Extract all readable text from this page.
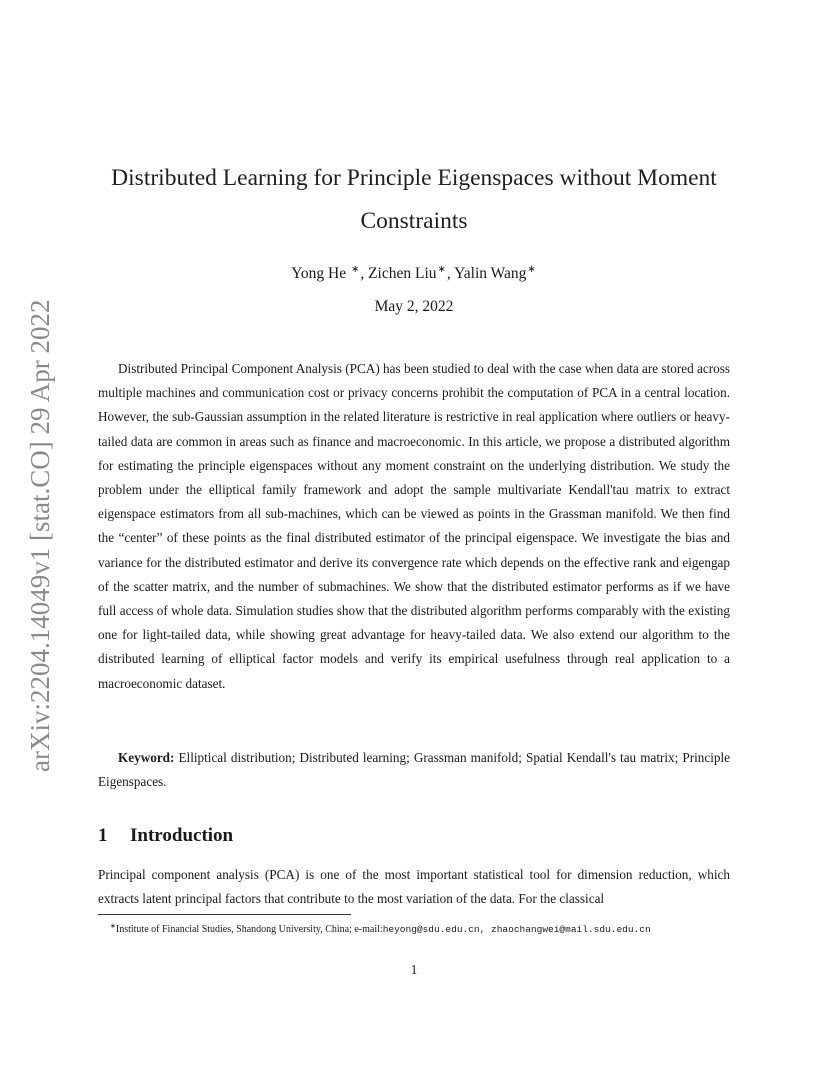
arXiv:2204.14049v1 [stat.CO] 29 Apr 2022
Distributed Learning for Principle Eigenspaces without Moment
Constraints
Yong He ∗, Zichen Liu∗, Yalin Wang∗
May 2, 2022

Distributed Principal Component Analysis (PCA) has been studied to deal with the case when data are stored across multiple machines and communication cost or privacy concerns prohibit the computation of PCA in a central location. However, the sub-Gaussian assumption in the related literature is restrictive in real application where outliers or heavy-tailed data are common in areas such as finance and macroeconomic. In this article, we propose a distributed algorithm for estimating the principle eigenspaces without any moment constraint on the underlying distribution. We study the problem under the elliptical family framework and adopt the sample multivariate Kendall'tau matrix to extract eigenspace estimators from all sub-machines, which can be viewed as points in the Grassman manifold. We then find the “center” of these points as the final distributed estimator of the principal eigenspace. We investigate the bias and variance for the distributed estimator and derive its convergence rate which depends on the effective rank and eigengap of the scatter matrix, and the number of submachines. We show that the distributed estimator performs as if we have full access of whole data. Simulation studies show that the distributed algorithm performs comparably with the existing one for light-tailed data, while showing great advantage for heavy-tailed data. We also extend our algorithm to the distributed learning of elliptical factor models and verify its empirical usefulness through real application to a macroeconomic dataset.

Keyword: Elliptical distribution; Distributed learning; Grassman manifold; Spatial Kendall's tau matrix; Principle Eigenspaces.

1 Introduction

Principal component analysis (PCA) is one of the most important statistical tool for dimension reduction, which extracts latent principal factors that contribute to the most variation of the data. For the classical

∗Institute of Financial Studies, Shandong University, China; e-mail:heyong@sdu.edu.cn, zhaochangwei@mail.sdu.edu.cn
1
